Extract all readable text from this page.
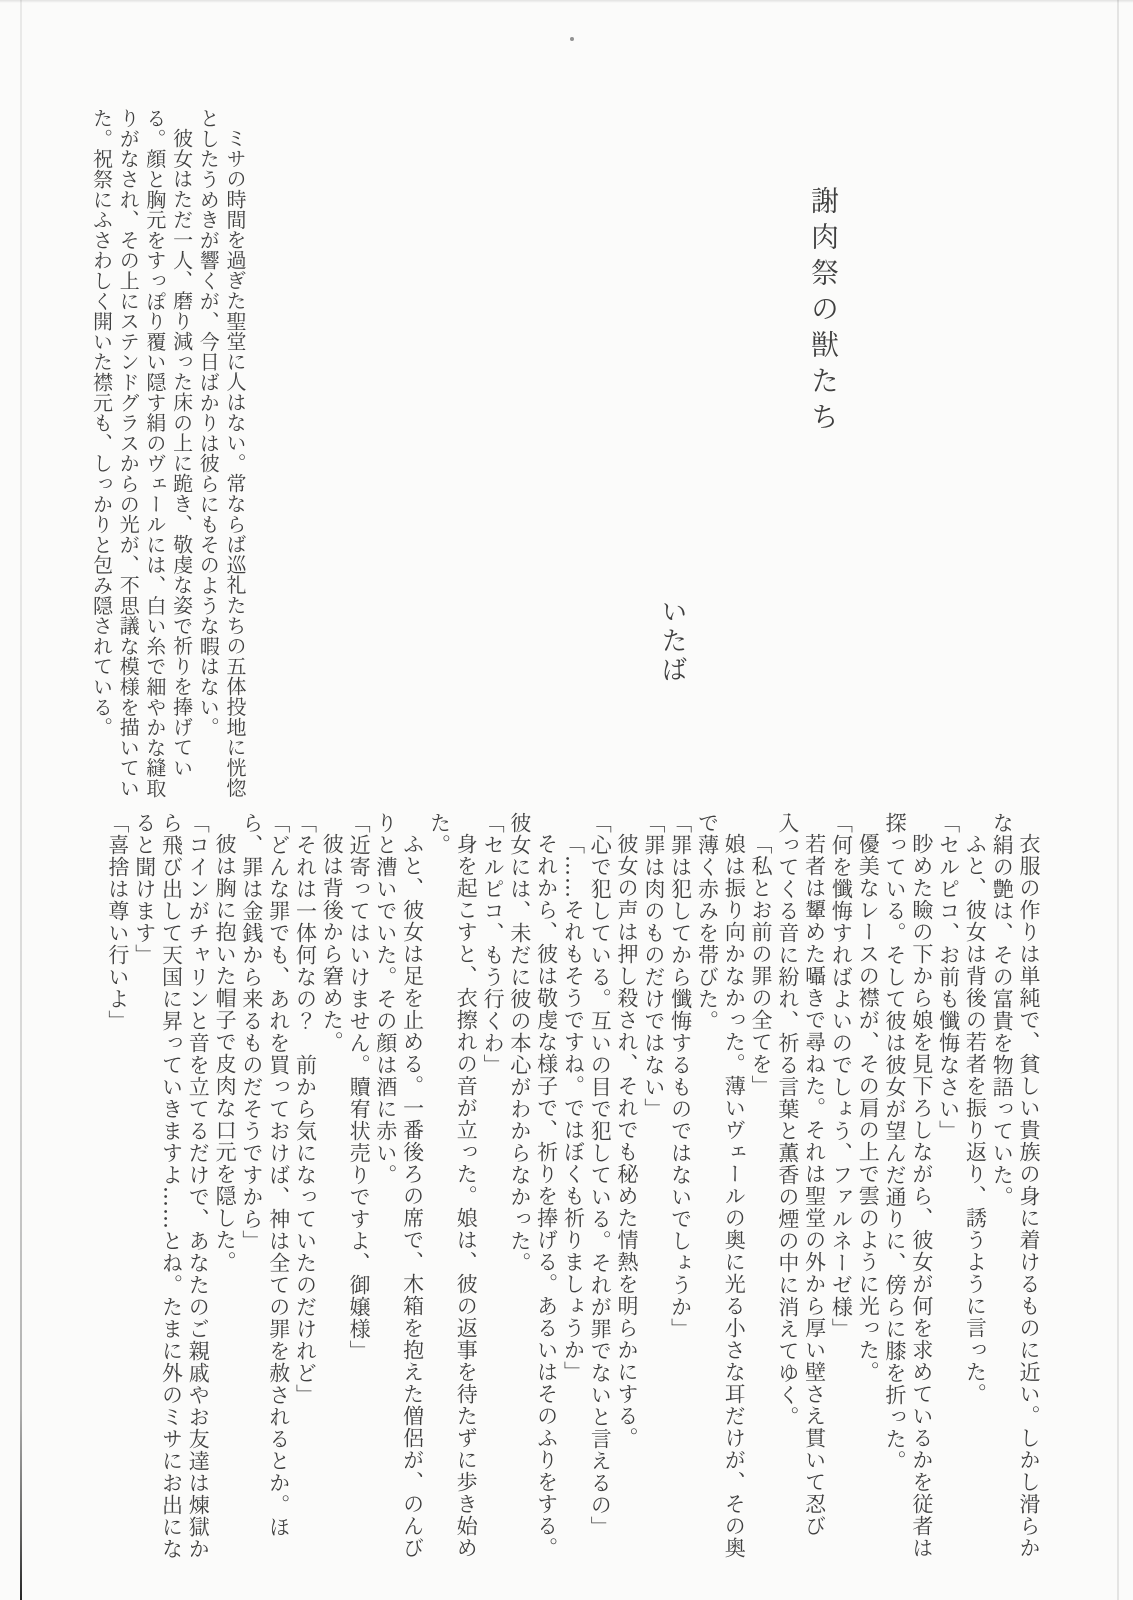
謝肉祭の獣たち
いたば

ミサの時間を過ぎた聖堂に人はない。常ならば巡礼たちの五体投地に恍惚としたうめきが響くが、今日ばかりは彼らにもそのような暇はない。

彼女はただ一人、磨り減った床の上に跪き、敬虔な姿で祈りを捧げている。顔と胸元をすっぽり覆い隠す絹のヴェールには、白い糸で細やかな縫取りがなされ、その上にステンドグラスからの光が、不思議な模様を描いていた。祝祭にふさわしく開いた襟元も、しっかりと包み隠されている。

衣服の作りは単純で、貧しい貴族の身に着けるものに近い。しかし滑らかな絹の艶は、その富貴を物語っていた。

ふと、彼女は背後の若者を振り返り、誘うように言った。

「セルピコ、お前も懺悔なさい」

眇めた瞼の下から娘を見下ろしながら、彼女が何を求めているかを従者は探っている。そして彼は彼女が望んだ通りに、傍らに膝を折った。

優美なレースの襟が、その肩の上で雲のように光った。

「何を懺悔すればよいのでしょう、ファルネーゼ様」

若者は顰めた囁きで尋ねた。それは聖堂の外から厚い壁さえ貫いて忍び入ってくる音に紛れ、祈る言葉と薫香の煙の中に消えてゆく。

「私とお前の罪の全てを」

娘は振り向かなかった。薄いヴェールの奥に光る小さな耳だけが、その奥で薄く赤みを帯びた。

「罪は犯してから懺悔するものではないでしょうか」

「罪は肉のものだけではない」

彼女の声は押し殺され、それでも秘めた情熱を明らかにする。

「心で犯している。互いの目で犯している。それが罪でないと言えるの」

「……それもそうですね。ではぼくも祈りましょうか」

それから、彼は敬虔な様子で、祈りを捧げる。あるいはそのふりをする。彼女には、未だに彼の本心がわからなかった。

「セルピコ、もう行くわ」

身を起こすと、衣擦れの音が立った。娘は、彼の返事を待たずに歩き始めた。

ふと、彼女は足を止める。一番後ろの席で、木箱を抱えた僧侶が、のんびりと漕いでいた。その顔は酒に赤い。

「近寄ってはいけません。贖宥状売りですよ、御嬢様」

彼は背後から窘めた。

「それは一体何なの？　前から気になっていたのだけれど」

「どんな罪でも、あれを買っておけば、神は全ての罪を赦されるとか。ほら、罪は金銭から来るものだそうですから」

彼は胸に抱いた帽子で皮肉な口元を隠した。

「コインがチャリンと音を立てるだけで、あなたのご親戚やお友達は煉獄から飛び出して天国に昇っていきますよ……とね。たまに外のミサにお出になると聞けます」

「喜捨は尊い行いよ」
